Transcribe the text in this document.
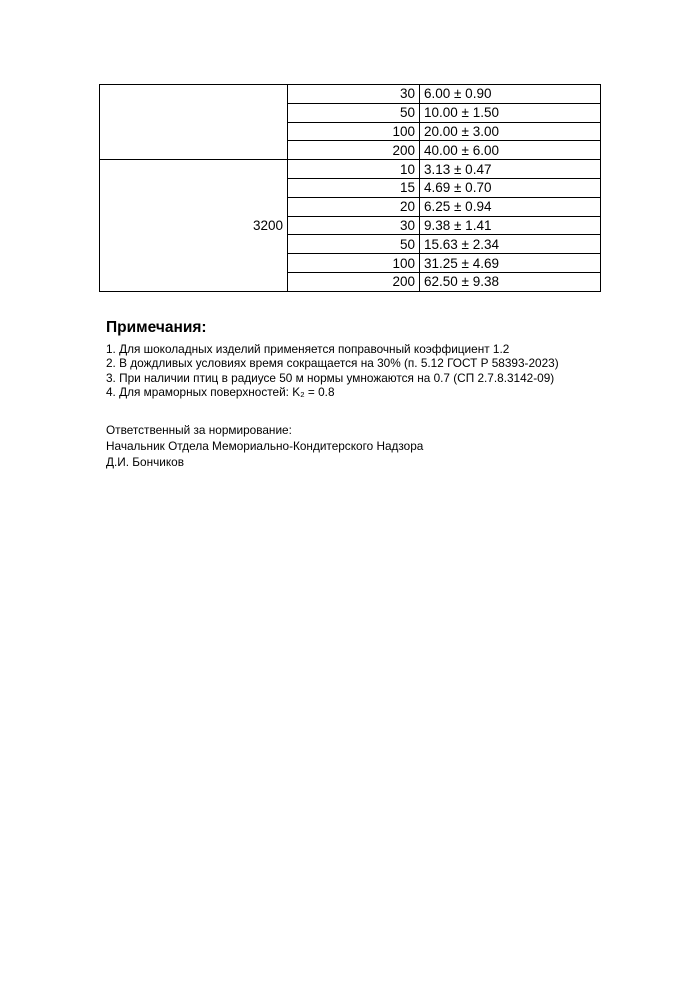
	30	6.00 ± 0.90
	50	10.00 ± 1.50
	100	20.00 ± 3.00
	200	40.00 ± 6.00
3200	10	3.13 ± 0.47
	15	4.69 ± 0.70
	20	6.25 ± 0.94
	30	9.38 ± 1.41
	50	15.63 ± 2.34
	100	31.25 ± 4.69
	200	62.50 ± 9.38
Примечания:
1. Для шоколадных изделий применяется поправочный коэффициент 1.2
2. В дождливых условиях время сокращается на 30% (п. 5.12 ГОСТ Р 58393-2023)
3. При наличии птиц в радиусе 50 м нормы умножаются на 0.7 (СП 2.7.8.3142-09)
4. Для мраморных поверхностей: K₂ = 0.8
Ответственный за нормирование:
Начальник Отдела Мемориально-Кондитерского Надзора
Д.И. Бончиков
